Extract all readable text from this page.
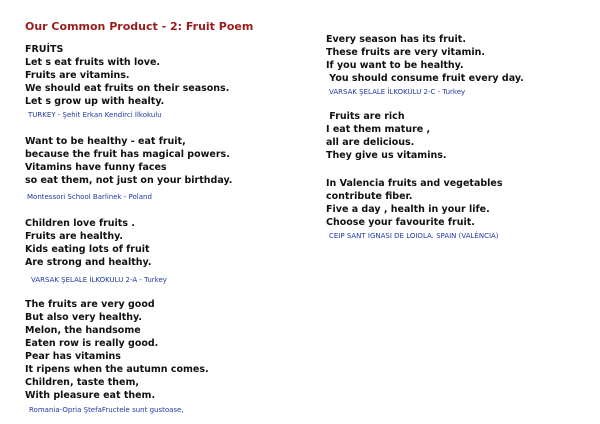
Our Common Product - 2: Fruit Poem
FRUİTS
Let s eat fruits with love.
Fruits are vitamins.
We should eat fruits on their seasons.
Let s grow up with healty.
TURKEY - Şehit Erkan Kendirci İlkokulu
Want to be healthy - eat fruit,
because the fruit has magical powers.
Vitamins have funny faces
so eat them, not just on your birthday.
Montessori School Barlinek - Poland
Children love fruits .
Fruits are healthy.
Kids eating lots of fruit
Are strong and healthy.
VARSAK ŞELALE İLKOKULU 2-A - Turkey
The fruits are very good
But also very healthy.
Melon, the handsome
Eaten row is really good.
Pear has vitamins
It ripens when the autumn comes.
Children, taste them,
With pleasure eat them.
Romania-Opria ŞtefaFructele sunt gustoase,
Every season has its fruit.
These fruits are very vitamin.
If you want to be healthy.
You should consume fruit every day.
VARSAK ŞELALE İLKOKULU 2-C - Turkey
Fruits are rich
I eat them mature ,
all are delicious.
They give us vitamins.
In Valencia fruits and vegetables
contribute fiber.
Five a day , health in your life.
Choose your favourite fruit.
CEIP SANT IGNASI DE LOIOLA. SPAIN (VALÈNCIA)
